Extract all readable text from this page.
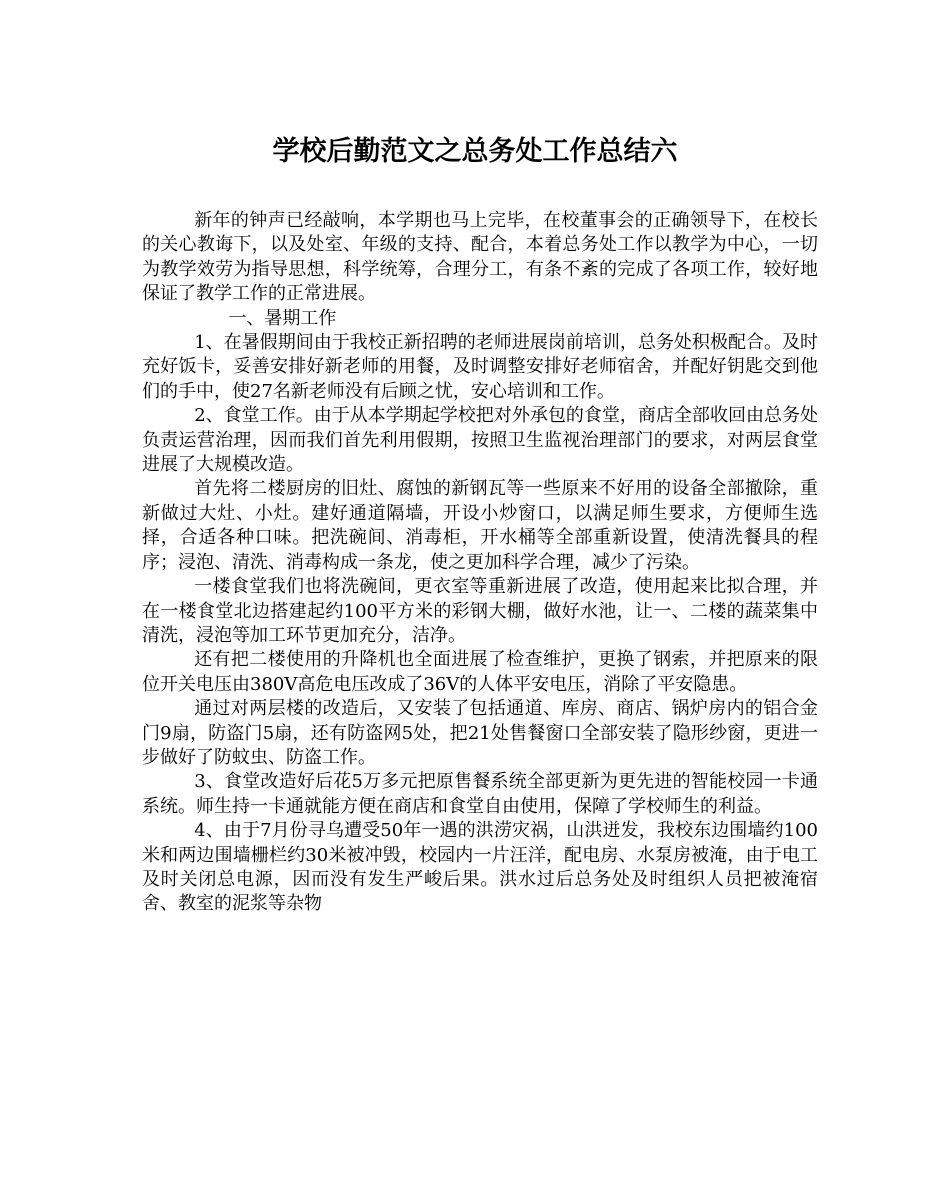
学校后勤范文之总务处工作总结六

新年的钟声已经敲响，本学期也马上完毕，在校董事会的正确领导下，在校长的关心教诲下，以及处室、年级的支持、配合，本着总务处工作以教学为中心，一切为教学效劳为指导思想，科学统筹，合理分工，有条不紊的完成了各项工作，较好地保证了教学工作的正常进展。

一、暑期工作

1、在暑假期间由于我校正新招聘的老师进展岗前培训，总务处积极配合。及时充好饭卡，妥善安排好新老师的用餐，及时调整安排好老师宿舍，并配好钥匙交到他们的手中，使27名新老师没有后顾之忧，安心培训和工作。

2、食堂工作。由于从本学期起学校把对外承包的食堂，商店全部收回由总务处负责运营治理，因而我们首先利用假期，按照卫生监视治理部门的要求，对两层食堂进展了大规模改造。

首先将二楼厨房的旧灶、腐蚀的新钢瓦等一些原来不好用的设备全部撤除，重新做过大灶、小灶。建好通道隔墙，开设小炒窗口，以满足师生要求，方便师生选择，合适各种口味。把洗碗间、消毒柜，开水桶等全部重新设置，使清洗餐具的程序；浸泡、清洗、消毒构成一条龙，使之更加科学合理，减少了污染。

一楼食堂我们也将洗碗间，更衣室等重新进展了改造，使用起来比拟合理，并在一楼食堂北边搭建起约100平方米的彩钢大棚，做好水池，让一、二楼的蔬菜集中清洗，浸泡等加工环节更加充分，洁净。

还有把二楼使用的升降机也全面进展了检查维护，更换了钢索，并把原来的限位开关电压由380V高危电压改成了36V的人体平安电压，消除了平安隐患。

通过对两层楼的改造后，又安装了包括通道、库房、商店、锅炉房内的铝合金门9扇，防盗门5扇，还有防盗网5处，把21处售餐窗口全部安装了隐形纱窗，更进一步做好了防蚊虫、防盗工作。

3、食堂改造好后花5万多元把原售餐系统全部更新为更先进的智能校园一卡通系统。师生持一卡通就能方便在商店和食堂自由使用，保障了学校师生的利益。

4、由于7月份寻乌遭受50年一遇的洪涝灾祸，山洪迸发，我校东边围墙约100米和两边围墙栅栏约30米被冲毁，校园内一片汪洋，配电房、水泵房被淹，由于电工及时关闭总电源，因而没有发生严峻后果。洪水过后总务处及时组织人员把被淹宿舍、教室的泥浆等杂物
